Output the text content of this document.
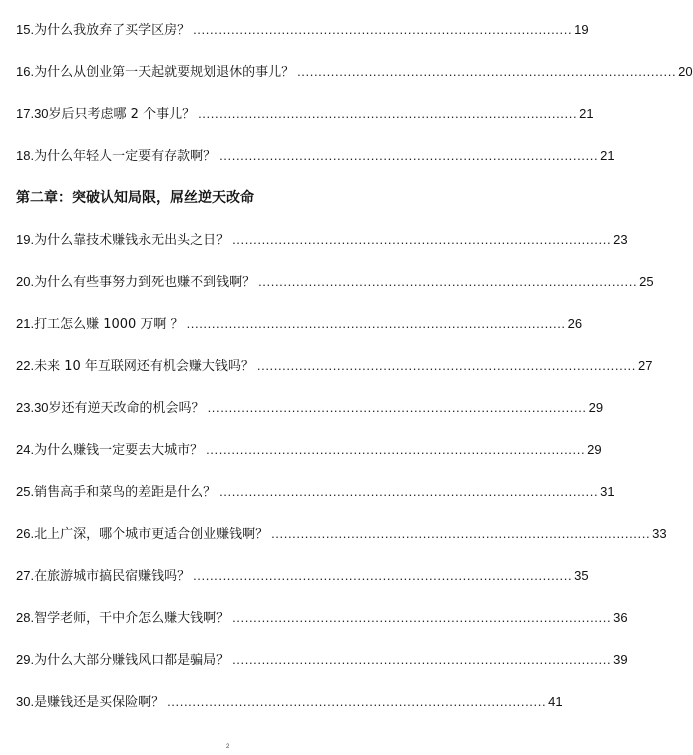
15. 为什么我放弃了买学区房？ .......................................................................................... 19
16. 为什么从创业第一天起就要规划退休的事儿？ .......................................................................................... 20
17.30 岁后只考虑哪 2 个事儿？ .......................................................................................... 21
18. 为什么年轻人一定要有存款啊？ .......................................................................................... 21
第二章：突破认知局限，屌丝逆天改命
19. 为什么靠技术赚钱永无出头之日？ .......................................................................................... 23
20. 为什么有些事努力到死也赚不到钱啊？ .......................................................................................... 25
21. 打工怎么赚 1000 万啊 ？ .......................................................................................... 26
22. 未来 10 年互联网还有机会赚大钱吗？ .......................................................................................... 27
23.30 岁还有逆天改命的机会吗？ .......................................................................................... 29
24. 为什么赚钱一定要去大城市？ .......................................................................................... 29
25. 销售高手和菜鸟的差距是什么？ .......................................................................................... 31
26. 北上广深，哪个城市更适合创业赚钱啊？ .......................................................................................... 33
27. 在旅游城市搞民宿赚钱吗？ .......................................................................................... 35
28. 智学老师，干中介怎么赚大钱啊？ .......................................................................................... 36
29. 为什么大部分赚钱风口都是骗局？ .......................................................................................... 39
30. 是赚钱还是买保险啊？ .......................................................................................... 41
2
